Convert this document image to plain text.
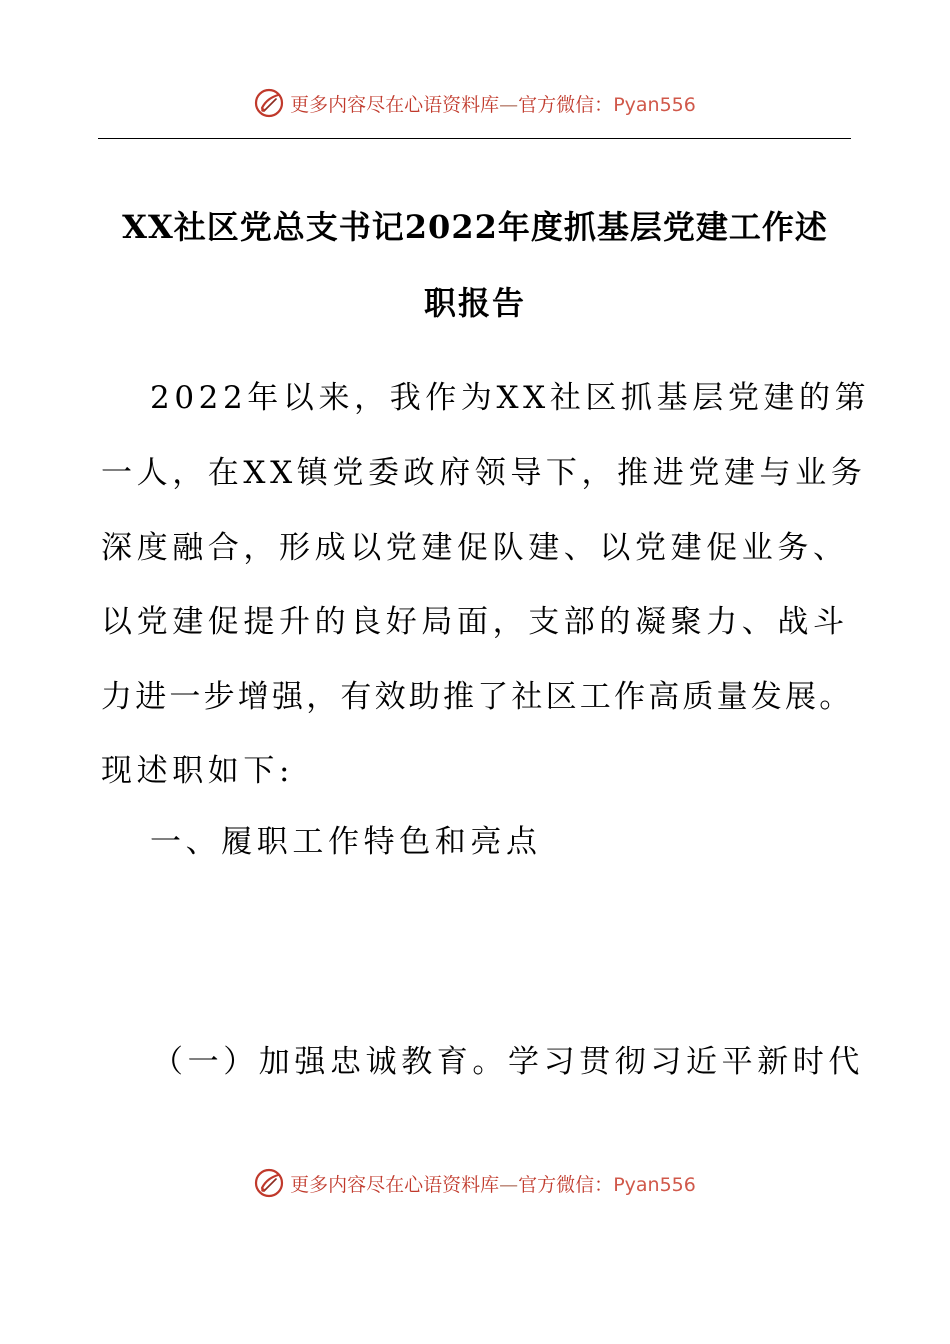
更多内容尽在心语资料库—官方微信：Pyan556
XX社区党总支书记2022年度抓基层党建工作述
职报告
2022年以来，我作为XX社区抓基层党建的第
一人，在XX镇党委政府领导下，推进党建与业务
深度融合，形成以党建促队建、以党建促业务、
以党建促提升的良好局面，支部的凝聚力、战斗
力进一步增强，有效助推了社区工作高质量发展。
现述职如下:
一、履职工作特色和亮点
（一）加强忠诚教育。学习贯彻习近平新时代
更多内容尽在心语资料库—官方微信：Pyan556
